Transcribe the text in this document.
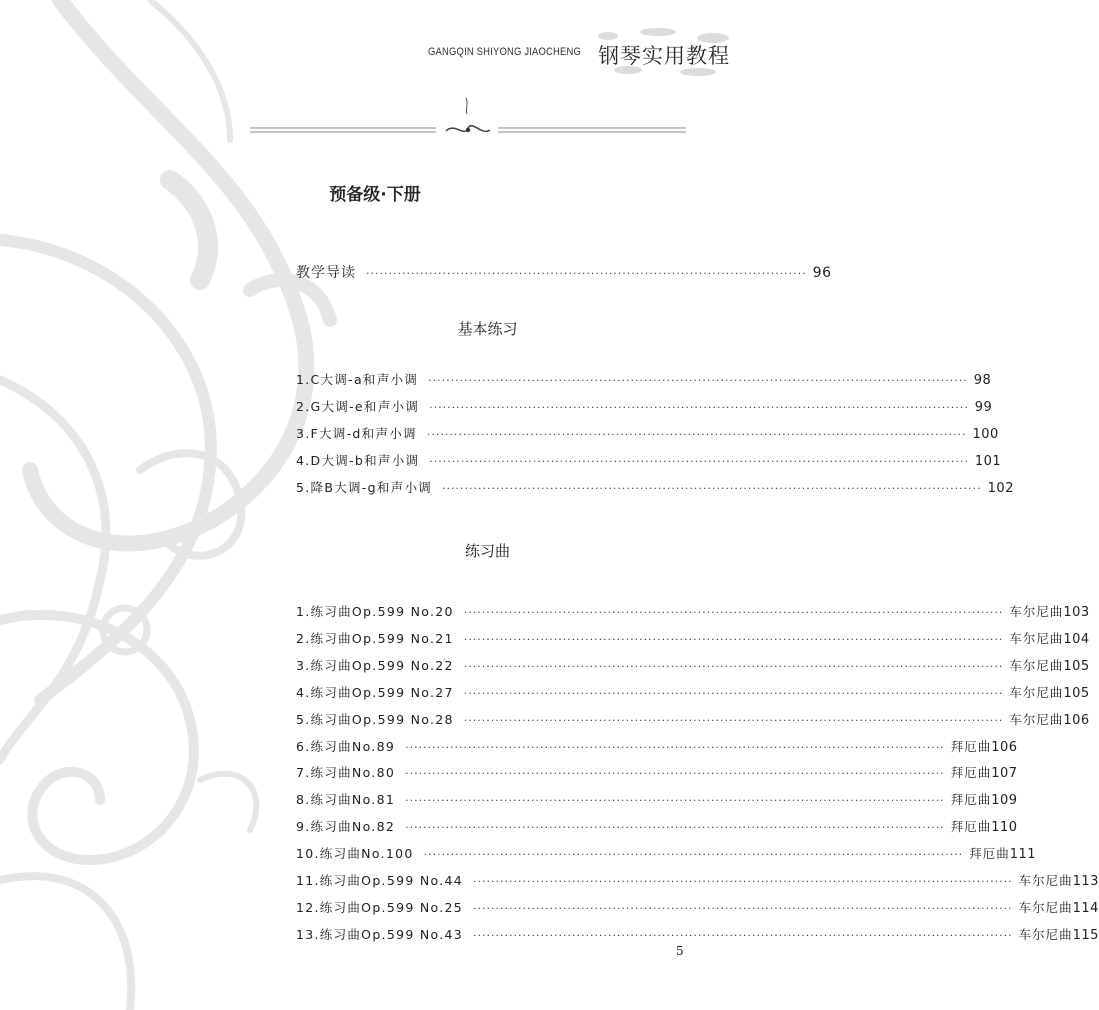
GANGQIN SHIYONG JIAOCHENG 钢琴实用教程
预备级·下册
教学导读 ·································································································· 96
基本练习
1.C大调-a和声小调 ························································································································ 98
2.G大调-e和声小调 ························································································································ 99
3.F大调-d和声小调 ························································································································ 100
4.D大调-b和声小调 ························································································································ 101
5.降B大调-g和声小调 ························································································································ 102
练习曲
1.练习曲Op.599 No.20 ························································································································ 车尔尼曲 103
2.练习曲Op.599 No.21 ························································································································ 车尔尼曲 104
3.练习曲Op.599 No.22 ························································································································ 车尔尼曲 105
4.练习曲Op.599 No.27 ························································································································ 车尔尼曲 105
5.练习曲Op.599 No.28 ························································································································ 车尔尼曲 106
6.练习曲No.89 ························································································································ 拜厄曲 106
7.练习曲No.80 ························································································································ 拜厄曲 107
8.练习曲No.81 ························································································································ 拜厄曲 109
9.练习曲No.82 ························································································································ 拜厄曲 110
10.练习曲No.100 ························································································································ 拜厄曲 111
11.练习曲Op.599 No.44 ························································································································ 车尔尼曲 113
12.练习曲Op.599 No.25 ························································································································ 车尔尼曲 114
13.练习曲Op.599 No.43 ························································································································ 车尔尼曲 115
5
